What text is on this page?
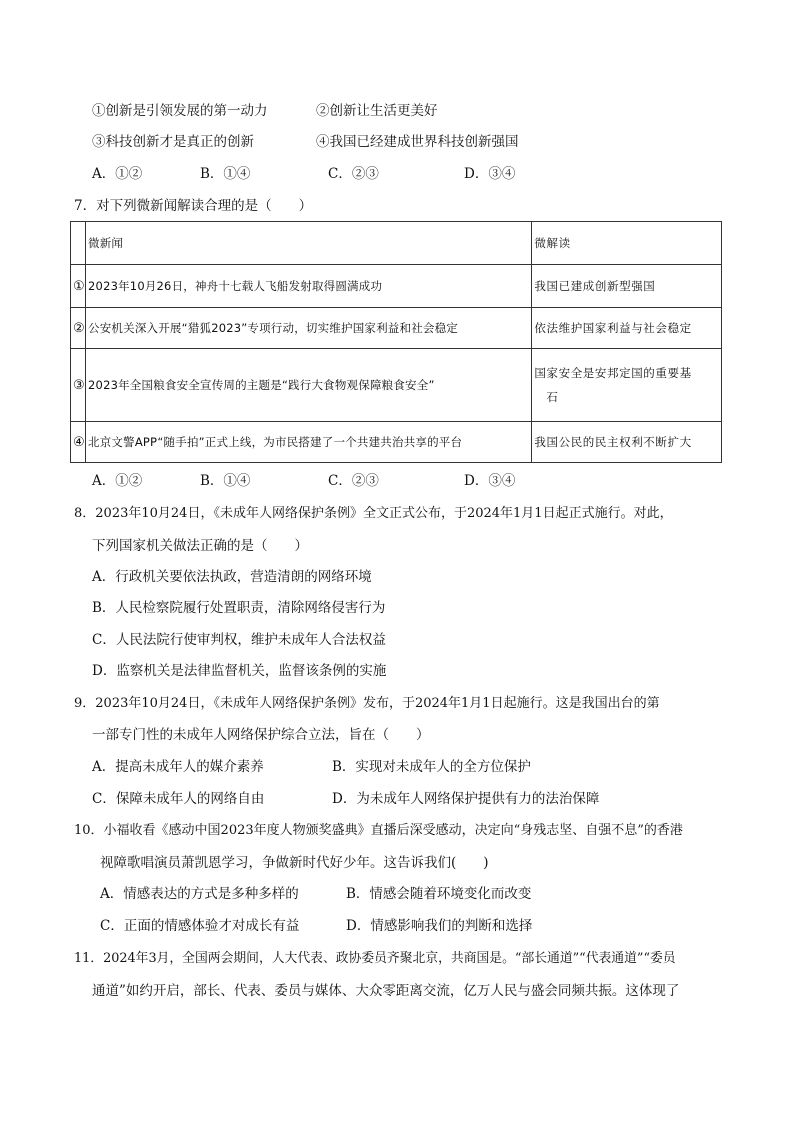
①创新是引领发展的第一动力	②创新让生活更美好
③科技创新才是真正的创新	④我国已经建成世界科技创新强国
A．①②	B．①④	C．②③	D．③④
7．对下列微新闻解读合理的是（　　）
	微新闻	微解读
①	2023年10月26日，神舟十七载人飞船发射取得圆满成功	我国已建成创新型强国
②	公安机关深入开展“猎狐2023”专项行动，切实维护国家利益和社会稳定	依法维护国家利益与社会稳定
③	2023年全国粮食安全宣传周的主题是“践行大食物观保障粮食安全”	国家安全是安邦定国的重要基
石

④	北京文警APP“随手拍”正式上线，为市民搭建了一个共建共治共享的平台	我国公民的民主权利不断扩大
A．①②	B．①④	C．②③	D．③④
8．2023年10月24日，《未成年人网络保护条例》全文正式公布，于2024年1月1日起正式施行。对此，
下列国家机关做法正确的是（　　）
A．行政机关要依法执政，营造清朗的网络环境
B．人民检察院履行处置职责，清除网络侵害行为
C．人民法院行使审判权，维护未成年人合法权益
D．监察机关是法律监督机关，监督该条例的实施
9．2023年10月24日，《未成年人网络保护条例》发布，于2024年1月1日起施行。这是我国出台的第
一部专门性的未成年人网络保护综合立法，旨在（　　）
A．提高未成年人的媒介素养	B．实现对未成年人的全方位保护
C．保障未成年人的网络自由	D．为未成年人网络保护提供有力的法治保障
10．小福收看《感动中国2023年度人物颁奖盛典》直播后深受感动，决定向“身残志坚、自强不息”的香港
视障歌唱演员萧凯恩学习，争做新时代好少年。这告诉我们(　　)
A．情感表达的方式是多种多样的	B．情感会随着环境变化而改变
C．正面的情感体验才对成长有益	D．情感影响我们的判断和选择
11．2024年3月，全国两会期间，人大代表、政协委员齐聚北京，共商国是。“部长通道”“代表通道”“委员
通道”如约开启，部长、代表、委员与媒体、大众零距离交流，亿万人民与盛会同频共振。这体现了
